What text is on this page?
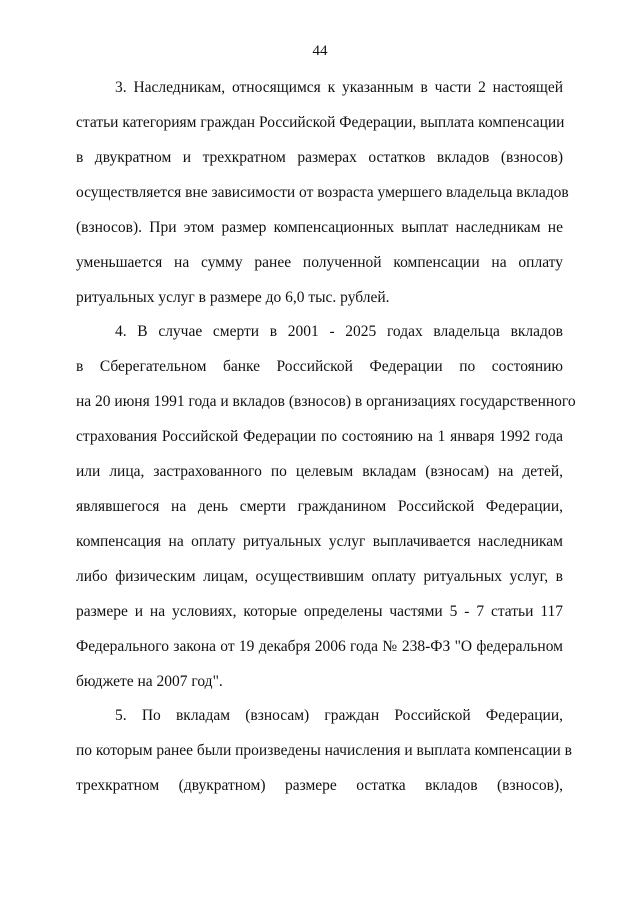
44
3. Наследникам, относящимся к указанным в части 2 настоящей
статьи категориям граждан Российской Федерации, выплата компенсации
в двукратном и трехкратном размерах остатков вкладов (взносов)
осуществляется вне зависимости от возраста умершего владельца вкладов
(взносов). При этом размер компенсационных выплат наследникам не
уменьшается на сумму ранее полученной компенсации на оплату
ритуальных услуг в размере до 6,0 тыс. рублей.
4. В случае смерти в 2001 - 2025 годах владельца вкладов
в Сберегательном банке Российской Федерации по состоянию
на 20 июня 1991 года и вкладов (взносов) в организациях государственного
страхования Российской Федерации по состоянию на 1 января 1992 года
или лица, застрахованного по целевым вкладам (взносам) на детей,
являвшегося на день смерти гражданином Российской Федерации,
компенсация на оплату ритуальных услуг выплачивается наследникам
либо физическим лицам, осуществившим оплату ритуальных услуг, в
размере и на условиях, которые определены частями 5 - 7 статьи 117
Федерального закона от 19 декабря 2006 года № 238-ФЗ "О федеральном
бюджете на 2007 год".
5. По вкладам (взносам) граждан Российской Федерации,
по которым ранее были произведены начисления и выплата компенсации в
трехкратном (двукратном) размере остатка вкладов (взносов),
